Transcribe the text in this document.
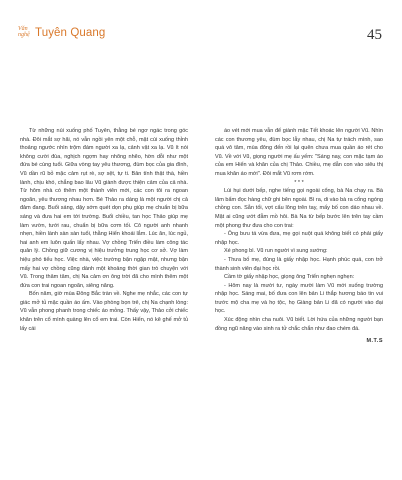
Văn
nghệ Tuyên Quang	45

Từ những núi xuống phố Tuyên, thằng bé ngơ ngác trong góc nhà. Đôi mắt sợ hãi, nó vẫn ngồi yên một chỗ, mặt cúi xuống thỉnh thoảng ngước nhìn trộm đám người xa lạ, cảnh vật xa lạ. Vũ ít nói không cười đùa, nghịch ngợm hay nhõng nhẽo, hờn dỗi như một đứa bé cùng tuổi. Giữa vòng tay yêu thương, đùm bọc của gia đình, Vũ dần rũ bỏ mặc cảm rụt rè, sợ sệt, tự ti. Bản tính thật thà, hiền lành, chịu khó, chẳng bao lâu Vũ giành được thiện cảm của cả nhà. Từ hôm nhà có thêm một thành viên mới, các con tôi ra ngoan ngoãn, yêu thương nhau hơn. Bé Thảo ra dáng là một người chị cả đảm đang. Buổi sáng, dậy sớm quét dọn phụ giúp mẹ chuẩn bị bữa sáng và đưa hai em tới trường. Buổi chiều, tan học Thảo giúp mẹ làm vườn, tưới rau, chuẩn bị bữa cơm tối. Cô người anh nhanh nhẹn, hiền lành sàn sàn tuổi, thằng Hiển khoái lắm. Lúc ăn, lúc ngủ, hai anh em luôn quấn lấy nhau. Vợ chồng Triển điều làm công tác quản lý. Chồng giữ cương vị hiệu trưởng trung học cơ sở. Vợ làm hiệu phó tiểu học. Việc nhà, việc trường bận ngập mặt, nhưng bận mấy hai vợ chồng cũng dành một khoảng thời gian trò chuyện với Vũ. Trong thâm tâm, chị Na cảm ơn ông trời đã cho mình thêm một đứa con trai ngoan ngoãn, siêng năng.

Bốn năm, giờ mùa Đông Bắc tràn về. Nghe mẹ nhắc, các con tự giác mở tủ mặc quần áo ấm. Vào phòng bọn trẻ, chị Na chạnh lòng: Vũ vẫn phong phanh trong chiếc áo mỏng. Thấy vậy, Thảo cởi chiếc khăn trên cổ mình quàng lên cổ em trai. Còn Hiển, nó kê ghế mở tủ lấy cái

áo vét mới mua vẫn để giành mặc Tết khoác lên người Vũ. Nhìn các con thương yêu, đùm bọc lẫy nhau, chị Na tự trách mình, sao quá vô tâm, mùa đông đến rồi lại quên chưa mua quần áo rét cho Vũ. Về với Vũ, giọng người mẹ ấu yếm: "Sáng nay, con mặc tạm áo của em Hiển và khăn của chị Thảo. Chiều, mẹ dẫn con vào siêu thị mua khăn áo mới". Đôi mắt Vũ rơm rớm.

* * *

Lúi hụi dưới bếp, nghe tiếng gọi ngoài cổng, bà Na chạy ra. Bà lâm bẩm đọc hàng chữ ghi bên ngoài. Bì ra, di vào bà ra cổng ngóng chồng con. Sẵn tối, vợt cẩu lông trên tay, mấy bố con dáo nhau về. Mặt ai cũng ướt đẫm mồ hôi. Bà Na từ bếp bước lên trên tay cầm một phong thư đưa cho con trai:

- Ông bưu tá vừa đưa, mẹ gọi nuột quá không biết có phải giấy nhập học.

Xé phong bì. Vũ run người vì sung sướng:

- Thưa bố mẹ, đúng là giấy nhập học. Hạnh phúc quá, con trở thành sinh viên đại học rồi.

Cầm tờ giấy nhập học, giọng ông Triển nghẹn nghẹn:

- Hôm nay là mười tư, ngày mười làm Vũ mới xuống trường nhập học. Sáng mai, bố đưa con lên bản Li thắp hương báo tin vui trước mộ cha mẹ và họ tộc, họ Giàng bản Li đã có người vào đại học.

Xúc động nhìn cha nuôi. Vũ biết. Lời hứa của những người bạn đồng ngũ năng vào sinh ra tử chắc chắn như đao chém đá.

M.T.S
